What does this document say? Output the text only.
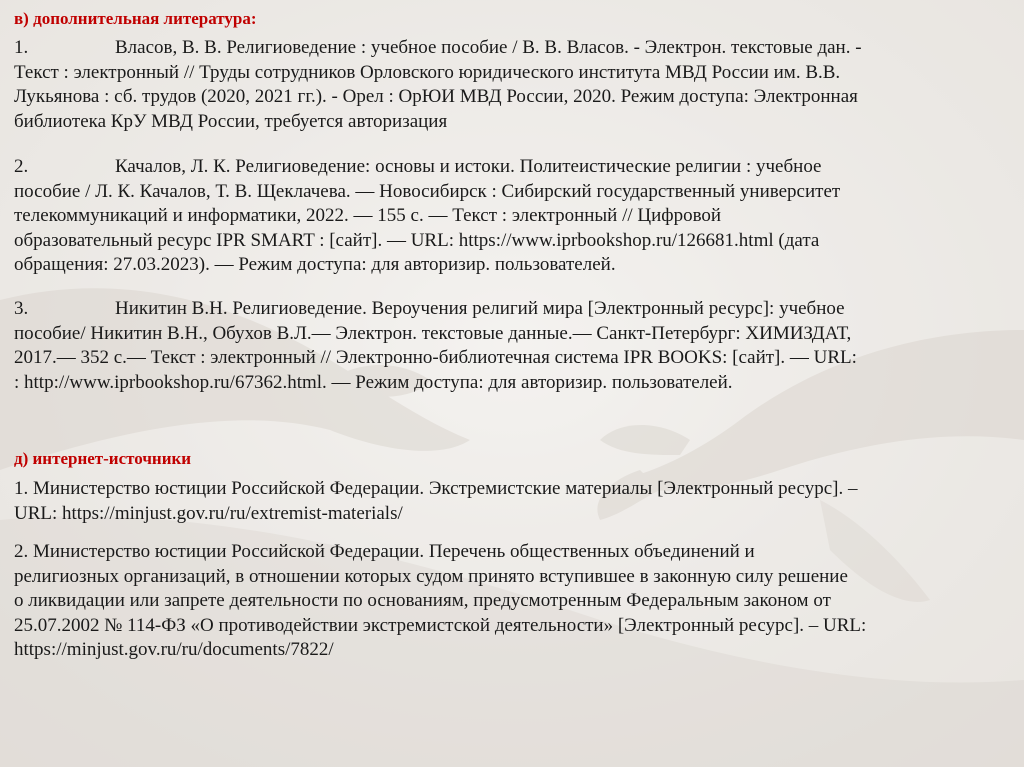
в) дополнительная литература:
1.	Власов, В. В. Религиоведение : учебное пособие / В. В. Власов. - Электрон. текстовые дан. -
Текст : электронный // Труды сотрудников Орловского юридического института МВД России им. В.В.
Лукьянова : сб. трудов (2020, 2021 гг.). - Орел : ОрЮИ МВД России, 2020. Режим доступа: Электронная
библиотека КрУ МВД России, требуется авторизация
2.	Качалов, Л. К. Религиоведение: основы и истоки. Политеистические религии : учебное
пособие / Л. К. Качалов, Т. В. Щеклачева. — Новосибирск : Сибирский государственный университет
телекоммуникаций и информатики, 2022. — 155 с. — Текст : электронный // Цифровой
образовательный ресурс IPR SMART : [сайт]. — URL: https://www.iprbookshop.ru/126681.html (дата
обращения: 27.03.2023). — Режим доступа: для авторизир. пользователей.
3.	Никитин В.Н. Религиоведение. Вероучения религий мира [Электронный ресурс]: учебное
пособие/ Никитин В.Н., Обухов В.Л.— Электрон. текстовые данные.— Санкт-Петербург: ХИМИЗДАТ,
2017.— 352 с.— Текст : электронный // Электронно-библиотечная система IPR BOOKS: [сайт]. — URL:
: http://www.iprbookshop.ru/67362.html. — Режим доступа: для авторизир. пользователей.
д) интернет-источники
1. Министерство юстиции Российской Федерации. Экстремистские материалы [Электронный ресурс]. –
URL: https://minjust.gov.ru/ru/extremist-materials/
2. Министерство юстиции Российской Федерации. Перечень общественных объединений и
религиозных организаций, в отношении которых судом принято вступившее в законную силу решение
о ликвидации или запрете деятельности по основаниям, предусмотренным Федеральным законом от
25.07.2002 № 114-ФЗ «О противодействии экстремистской деятельности» [Электронный ресурс]. – URL:
https://minjust.gov.ru/ru/documents/7822/
